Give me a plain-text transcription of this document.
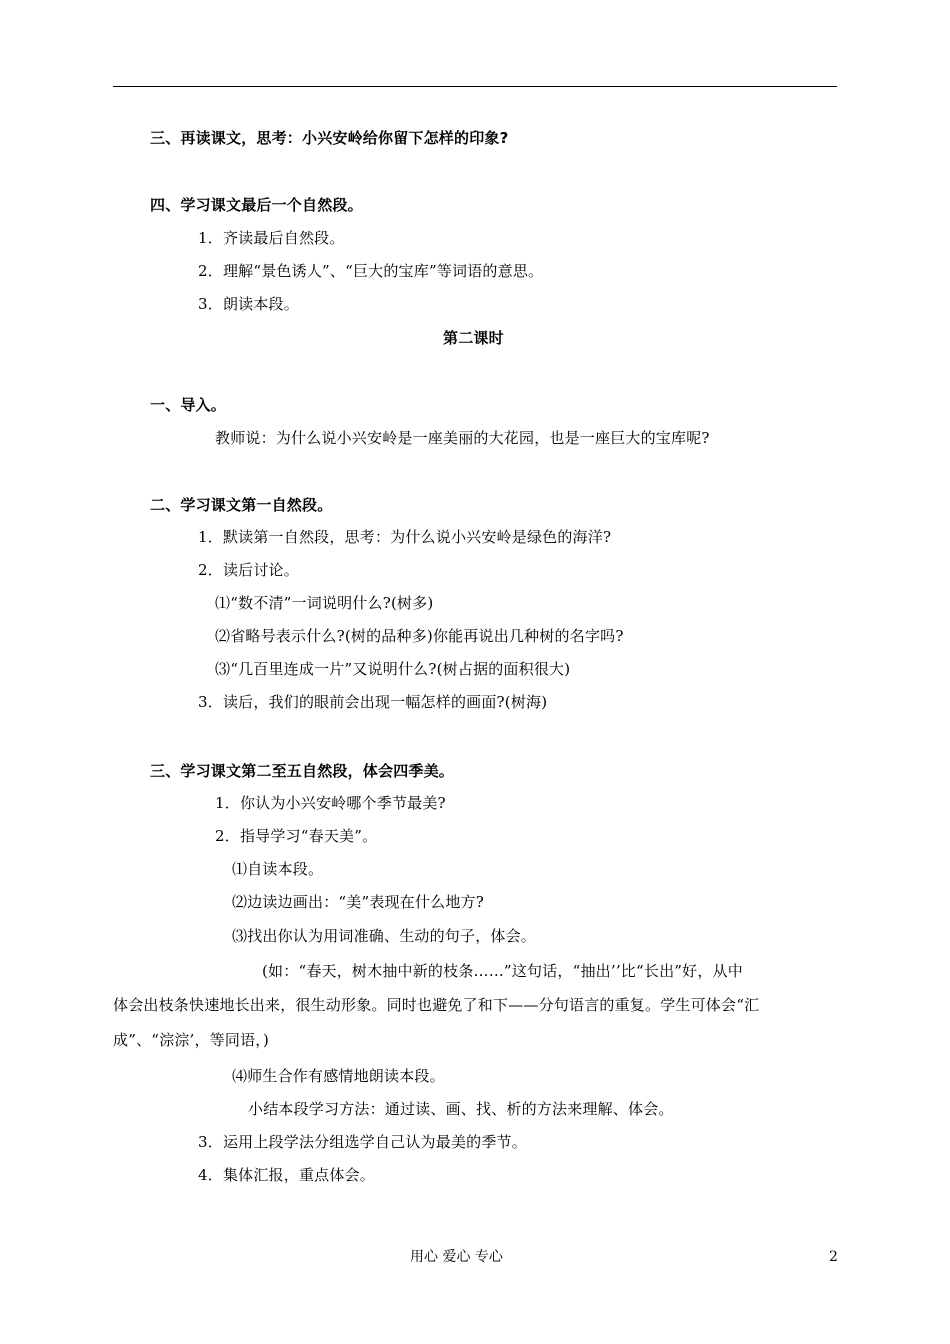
三、再读课文，思考：小兴安岭给你留下怎样的印象?
四、学习课文最后一个自然段。
1．齐读最后自然段。
2．理解“景色诱人”、“巨大的宝库”等词语的意思。
3．朗读本段。
第二课时
一、导入。
教师说：为什么说小兴安岭是一座美丽的大花园，也是一座巨大的宝库呢?
二、学习课文第一自然段。
1．默读第一自然段，思考：为什么说小兴安岭是绿色的海洋?
2．读后讨论。
⑴“数不清”一词说明什么?(树多)
⑵省略号表示什么?(树的品种多)你能再说出几种树的名字吗?
⑶“几百里连成一片”又说明什么?(树占据的面积很大)
3．读后，我们的眼前会出现一幅怎样的画面?(树海)
三、学习课文第二至五自然段，体会四季美。
1．你认为小兴安岭哪个季节最美?
2．指导学习“春天美”。
⑴自读本段。
⑵边读边画出：“美”表现在什么地方?
⑶找出你认为用词准确、生动的句子，体会。
(如：“春天，树木抽中新的枝条……”这句话，“抽出’’比“长出”好，从中
体会出枝条快速地长出来，很生动形象。同时也避免了和下——分句语言的重复。学生可体会“汇
成”、“淙淙’，等同语，)
⑷师生合作有感情地朗读本段。
小结本段学习方法：通过读、画、找、析的方法来理解、体会。
3．运用上段学法分组选学自己认为最美的季节。
4．集体汇报，重点体会。
用心 爱心 专心	2
